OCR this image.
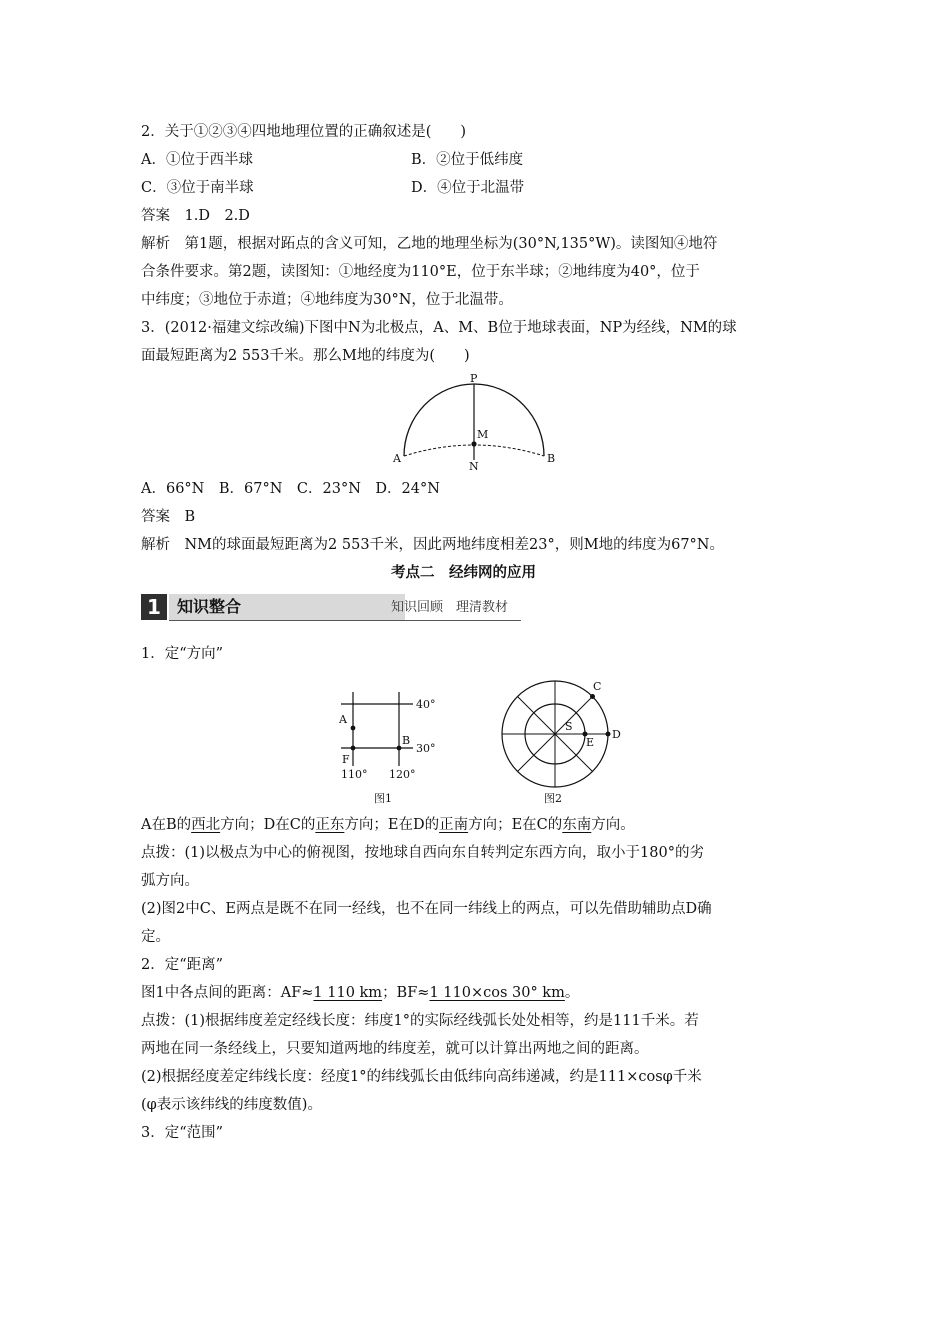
2．关于①②③④四地地理位置的正确叙述是(　　)
A．①位于西半球	B．②位于低纬度
C．③位于南半球	D．④位于北温带
答案　1.D　2.D
解析　第1题，根据对跖点的含义可知，乙地的地理坐标为(30°N,135°W)。读图知④地符
合条件要求。第2题，读图知：①地经度为110°E，位于东半球；②地纬度为40°，位于
中纬度；③地位于赤道；④地纬度为30°N，位于北温带。
3．(2012·福建文综改编)下图中N为北极点，A、M、B位于地球表面，NP为经线，NM的球
面最短距离为2 553千米。那么M地的纬度为(　　)
P
M
A
N
B
A．66°N　B．67°N　C．23°N　D．24°N
答案　B
解析　NM的球面最短距离为2 553千米，因此两地纬度相差23°，则M地的纬度为67°N。
考点二　经纬网的应用
1	知识整合	知识回顾　理清教材
1．定“方向”
A
F
B
40°
30°
110° 120°
图1
S
C
D
E
图2
A在B的西北方向；D在C的正东方向；E在D的正南方向；E在C的东南方向。
点拨：(1)以极点为中心的俯视图，按地球自西向东自转判定东西方向，取小于180°的劣
弧方向。
(2)图2中C、E两点是既不在同一经线，也不在同一纬线上的两点，可以先借助辅助点D确
定。
2．定“距离”
图1中各点间的距离：AF≈1 110 km；BF≈1 110×cos 30° km。
点拨：(1)根据纬度差定经线长度：纬度1°的实际经线弧长处处相等，约是111千米。若
两地在同一条经线上，只要知道两地的纬度差，就可以计算出两地之间的距离。
(2)根据经度差定纬线长度：经度1°的纬线弧长由低纬向高纬递减，约是111×cosφ千米
(φ表示该纬线的纬度数值)。
3．定“范围”
